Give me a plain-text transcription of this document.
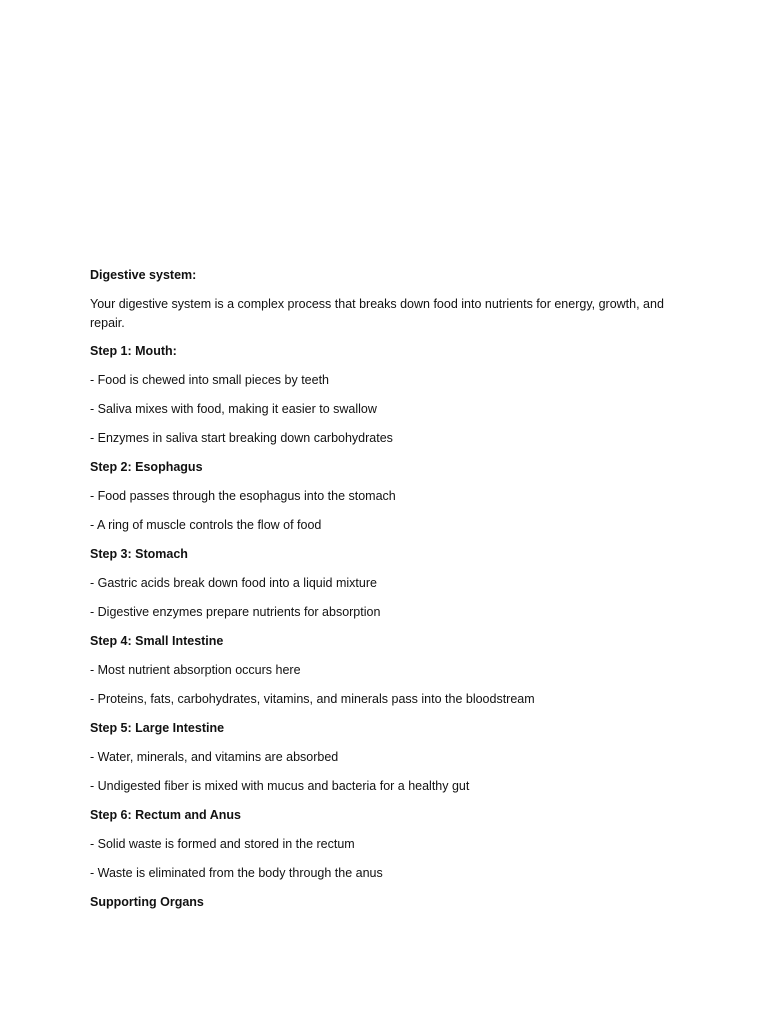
Digestive system:
Your digestive system is a complex process that breaks down food into nutrients for energy, growth, and repair.
Step 1: Mouth:
- Food is chewed into small pieces by teeth
- Saliva mixes with food, making it easier to swallow
- Enzymes in saliva start breaking down carbohydrates
Step 2: Esophagus
- Food passes through the esophagus into the stomach
- A ring of muscle controls the flow of food
Step 3: Stomach
- Gastric acids break down food into a liquid mixture
- Digestive enzymes prepare nutrients for absorption
Step 4: Small Intestine
- Most nutrient absorption occurs here
- Proteins, fats, carbohydrates, vitamins, and minerals pass into the bloodstream
Step 5: Large Intestine
- Water, minerals, and vitamins are absorbed
- Undigested fiber is mixed with mucus and bacteria for a healthy gut
Step 6: Rectum and Anus
- Solid waste is formed and stored in the rectum
- Waste is eliminated from the body through the anus
Supporting Organs
